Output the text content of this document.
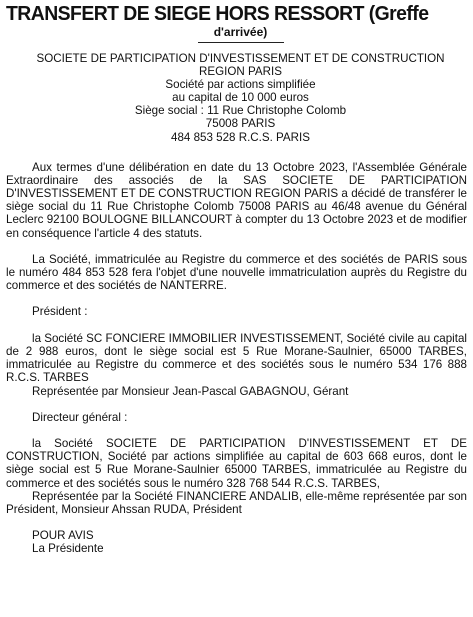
TRANSFERT DE SIEGE HORS RESSORT (Greffe
d'arrivée)
SOCIETE DE PARTICIPATION D'INVESTISSEMENT ET DE CONSTRUCTION
REGION PARIS
Société par actions simplifiée
au capital de 10 000 euros
Siège social : 11 Rue Christophe Colomb
75008 PARIS
484 853 528 R.C.S. PARIS

Aux termes d'une délibération en date du 13 Octobre 2023, l'Assemblée Générale Extraordinaire des associés de la SAS SOCIETE DE PARTICIPATION D'INVESTISSEMENT ET DE CONSTRUCTION REGION PARIS a décidé de transférer le siège social du 11 Rue Christophe Colomb 75008 PARIS au 46/48 avenue du Général Leclerc 92100 BOULOGNE BILLANCOURT à compter du 13 Octobre 2023 et de modifier en conséquence l'article 4 des statuts.

La Société, immatriculée au Registre du commerce et des sociétés de PARIS sous le numéro 484 853 528 fera l'objet d'une nouvelle immatriculation auprès du Registre du commerce et des sociétés de NANTERRE.

Président :

la Société SC FONCIERE IMMOBILIER INVESTISSEMENT, Société civile au capital de 2 988 euros, dont le siège social est 5 Rue Morane-Saulnier, 65000 TARBES, immatriculée au Registre du commerce et des sociétés sous le numéro 534 176 888 R.C.S. TARBES

Représentée par Monsieur Jean-Pascal GABAGNOU, Gérant

Directeur général :

la Société SOCIETE DE PARTICIPATION D'INVESTISSEMENT ET DE CONSTRUCTION, Société par actions simplifiée au capital de 603 668 euros, dont le siège social est 5 Rue Morane-Saulnier 65000 TARBES, immatriculée au Registre du commerce et des sociétés sous le numéro 328 768 544 R.C.S. TARBES,

Représentée par la Société FINANCIERE ANDALIB, elle-même représentée par son Président, Monsieur Ahssan RUDA, Président

POUR AVIS

La Présidente
